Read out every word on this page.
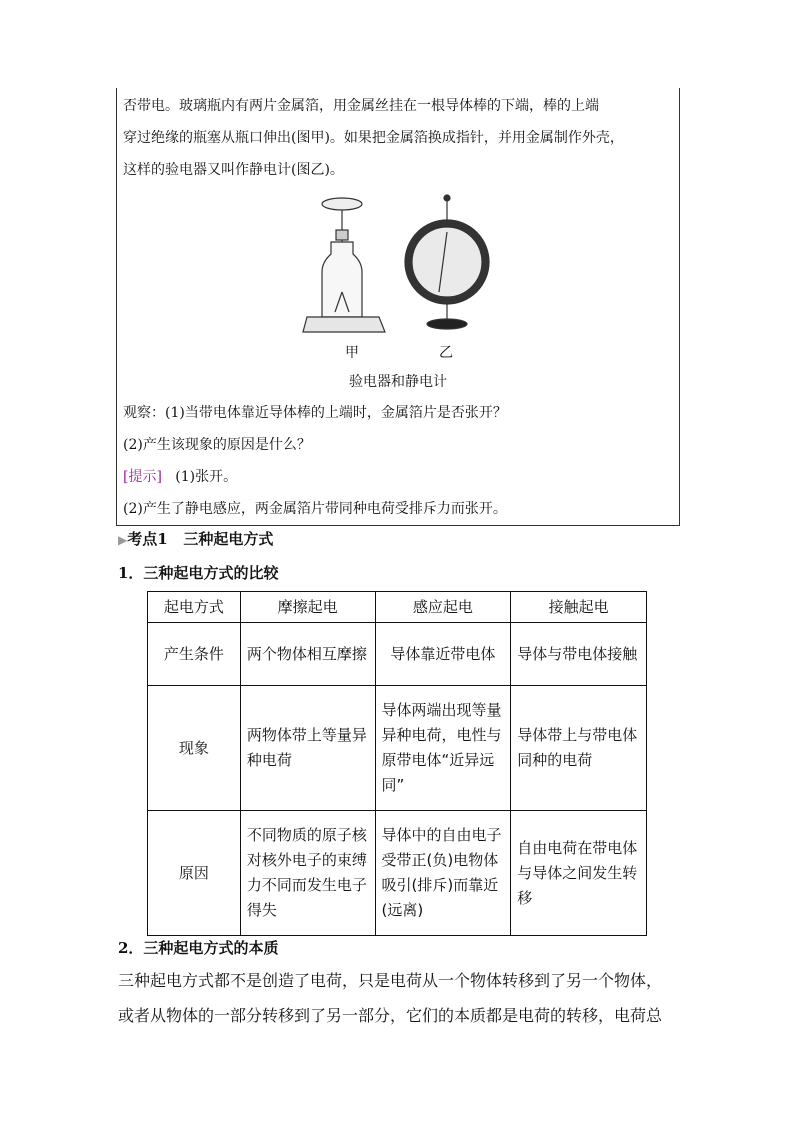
否带电。玻璃瓶内有两片金属箔，用金属丝挂在一根导体棒的下端，棒的上端

穿过绝缘的瓶塞从瓶口伸出(图甲)。如果把金属箔换成指针，并用金属制作外壳，

这样的验电器又叫作静电计(图乙)。

甲	乙
验电器和静电计

观察：(1)当带电体靠近导体棒的上端时，金属箔片是否张开？

(2)产生该现象的原因是什么？

[提示] (1)张开。

(2)产生了静电感应，两金属箔片带同种电荷受排斥力而张开。

▶考点1 三种起电方式
1．三种起电方式的比较
起电方式	摩擦起电	感应起电	接触起电
产生条件	两个物体相互摩擦	导体靠近带电体	导体与带电体接触
现象	两物体带上等量异种电荷	导体两端出现等量异种电荷，电性与原带电体“近异远同”	导体带上与带电体同种的电荷
原因	不同物质的原子核对核外电子的束缚力不同而发生电子得失	导体中的自由电子受带正(负)电物体吸引(排斥)而靠近(远离)	自由电荷在带电体与导体之间发生转移
2．三种起电方式的本质
三种起电方式都不是创造了电荷，只是电荷从一个物体转移到了另一个物体，
或者从物体的一部分转移到了另一部分，它们的本质都是电荷的转移，电荷总
